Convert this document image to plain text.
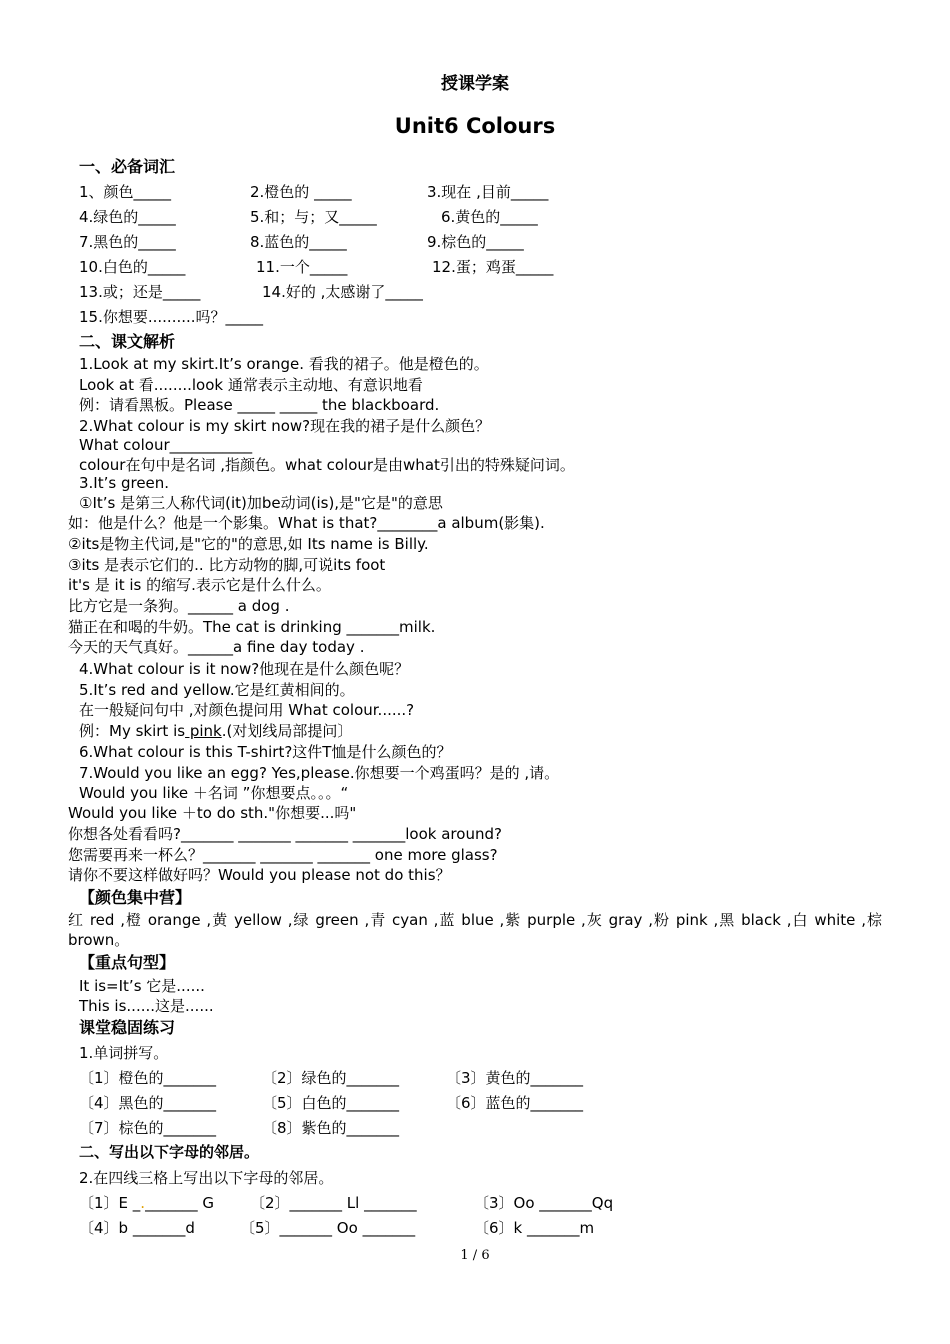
授课学案
Unit6 Colours
一、必备词汇
1、颜色_____	2.橙色的 _____	3.现在 ,目前_____
4.绿色的_____	5.和；与；又_____	6.黄色的_____
7.黑色的_____	8.蓝色的_____	9.棕色的_____
10.白色的_____	11.一个_____	12.蛋；鸡蛋_____
13.或；还是_____	14.好的 ,太感谢了_____
15.你想要..........吗？_____
二、课文解析
1.Look at my skirt.It’s orange. 看我的裙子。他是橙色的。
Look at 看........look 通常表示主动地、有意识地看
例：请看黑板。Please _____ _____ the blackboard.
2.What colour is my skirt now?现在我的裙子是什么颜色？
What colour___________
colour在句中是名词 ,指颜色。what colour是由what引出的特殊疑问词。
3.It’s green.
①It’s 是第三人称代词(it)加be动词(is),是"它是"的意思
如：他是什么？他是一个影集。What is that?________a album(影集).
②its是物主代词,是"它的"的意思,如 Its name is Billy.
③its 是表示它们的.. 比方动物的脚,可说its foot
it's 是 it is 的缩写.表示它是什么什么。
比方它是一条狗。______ a dog .
猫正在和喝的牛奶。The cat is drinking _______milk.
今天的天气真好。______a fine day today .
4.What colour is it now?他现在是什么颜色呢？
5.It’s red and yellow.它是红黄相间的。
在一般疑问句中 ,对颜色提问用 What colour......?
例：My skirt is pink.(对划线局部提问〕
6.What colour is this T-shirt?这件T恤是什么颜色的？
7.Would you like an egg? Yes,please.你想要一个鸡蛋吗？是的 ,请。
Would you like ＋名词 ”你想要点。。。“
Would you like ＋to do sth."你想要...吗"
你想各处看看吗?_______ _______ _______ _______look around?
您需要再来一杯么？_______ _______ _______ one more glass?
请你不要这样做好吗？Would you please not do this？
【颜色集中营】
红 red ,橙 orange ,黄 yellow ,绿 green ,青 cyan ,蓝 blue ,紫 purple ,灰 gray ,粉 pink ,黑 black ,白 white ,棕 brown。
【重点句型】
It is=It’s 它是......
This is......这是......
课堂稳固练习
1.单词拼写。
〔1〕橙色的_______	〔2〕绿色的_______	〔3〕黄色的_______
〔4〕黑色的_______	〔5〕白色的_______	〔6〕蓝色的_______
〔7〕棕色的_______	〔8〕紫色的_______
二、写出以下字母的邻居。
2.在四线三格上写出以下字母的邻居。
〔1〕E _._______ G 〔2〕_______ Ll _______	〔3〕Oo _______Qq
〔4〕b _______d	〔5〕_______ Oo _______	〔6〕k _______m
1 / 6
